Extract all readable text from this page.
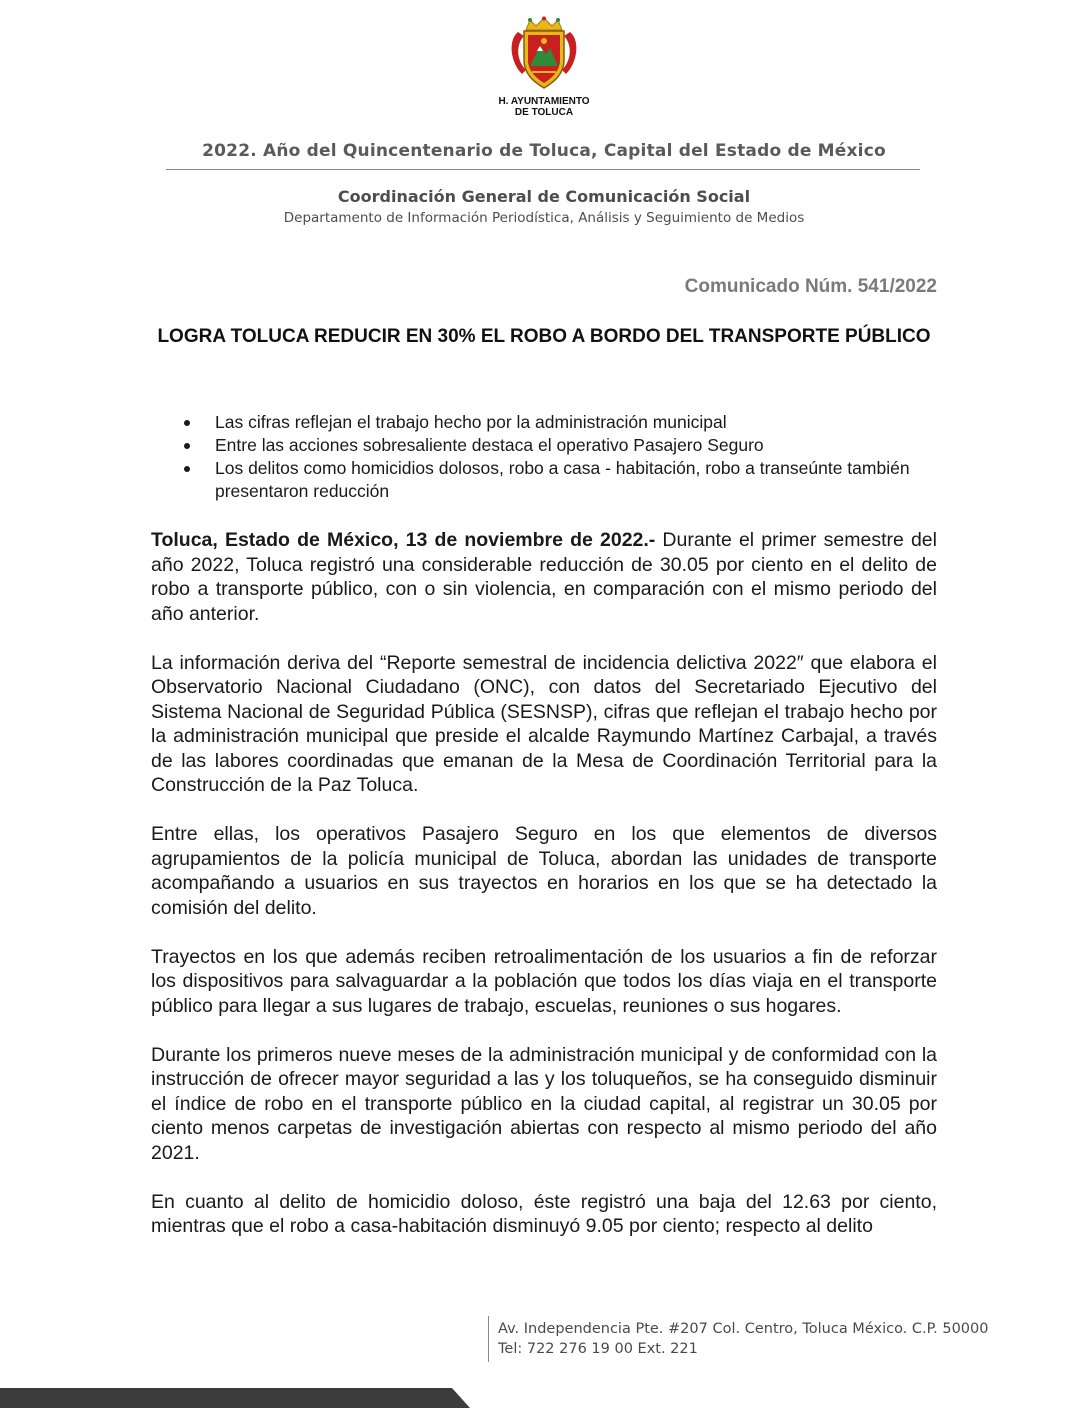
H. AYUNTAMIENTO
DE TOLUCA
2022. Año del Quincentenario de Toluca, Capital del Estado de México
Coordinación General de Comunicación Social
Departamento de Información Periodística, Análisis y Seguimiento de Medios
Comunicado Núm. 541/2022
LOGRA TOLUCA REDUCIR EN 30% EL ROBO A BORDO DEL TRANSPORTE PÚBLICO
Las cifras reflejan el trabajo hecho por la administración municipal
Entre las acciones sobresaliente destaca el operativo Pasajero Seguro
Los delitos como homicidios dolosos, robo a casa - habitación, robo a transeúnte también presentaron reducción

Toluca, Estado de México, 13 de noviembre de 2022.- Durante el primer semestre del año 2022, Toluca registró una considerable reducción de 30.05 por ciento en el delito de robo a transporte público, con o sin violencia, en comparación con el mismo periodo del año anterior.

La información deriva del “Reporte semestral de incidencia delictiva 2022″ que elabora el Observatorio Nacional Ciudadano (ONC), con datos del Secretariado Ejecutivo del Sistema Nacional de Seguridad Pública (SESNSP), cifras que reflejan el trabajo hecho por la administración municipal que preside el alcalde Raymundo Martínez Carbajal, a través de las labores coordinadas que emanan de la Mesa de Coordinación Territorial para la Construcción de la Paz Toluca.

Entre ellas, los operativos Pasajero Seguro en los que elementos de diversos agrupamientos de la policía municipal de Toluca, abordan las unidades de transporte acompañando a usuarios en sus trayectos en horarios en los que se ha detectado la comisión del delito.

Trayectos en los que además reciben retroalimentación de los usuarios a fin de reforzar los dispositivos para salvaguardar a la población que todos los días viaja en el transporte público para llegar a sus lugares de trabajo, escuelas, reuniones o sus hogares.

Durante los primeros nueve meses de la administración municipal y de conformidad con la instrucción de ofrecer mayor seguridad a las y los toluqueños, se ha conseguido disminuir el índice de robo en el transporte público en la ciudad capital, al registrar un 30.05 por ciento menos carpetas de investigación abiertas con respecto al mismo periodo del año 2021.

En cuanto al delito de homicidio doloso, éste registró una baja del 12.63 por ciento, mientras que el robo a casa-habitación disminuyó 9.05 por ciento; respecto al delito

Av. Independencia Pte. #207 Col. Centro, Toluca México. C.P. 50000
Tel: 722 276 19 00 Ext. 221
